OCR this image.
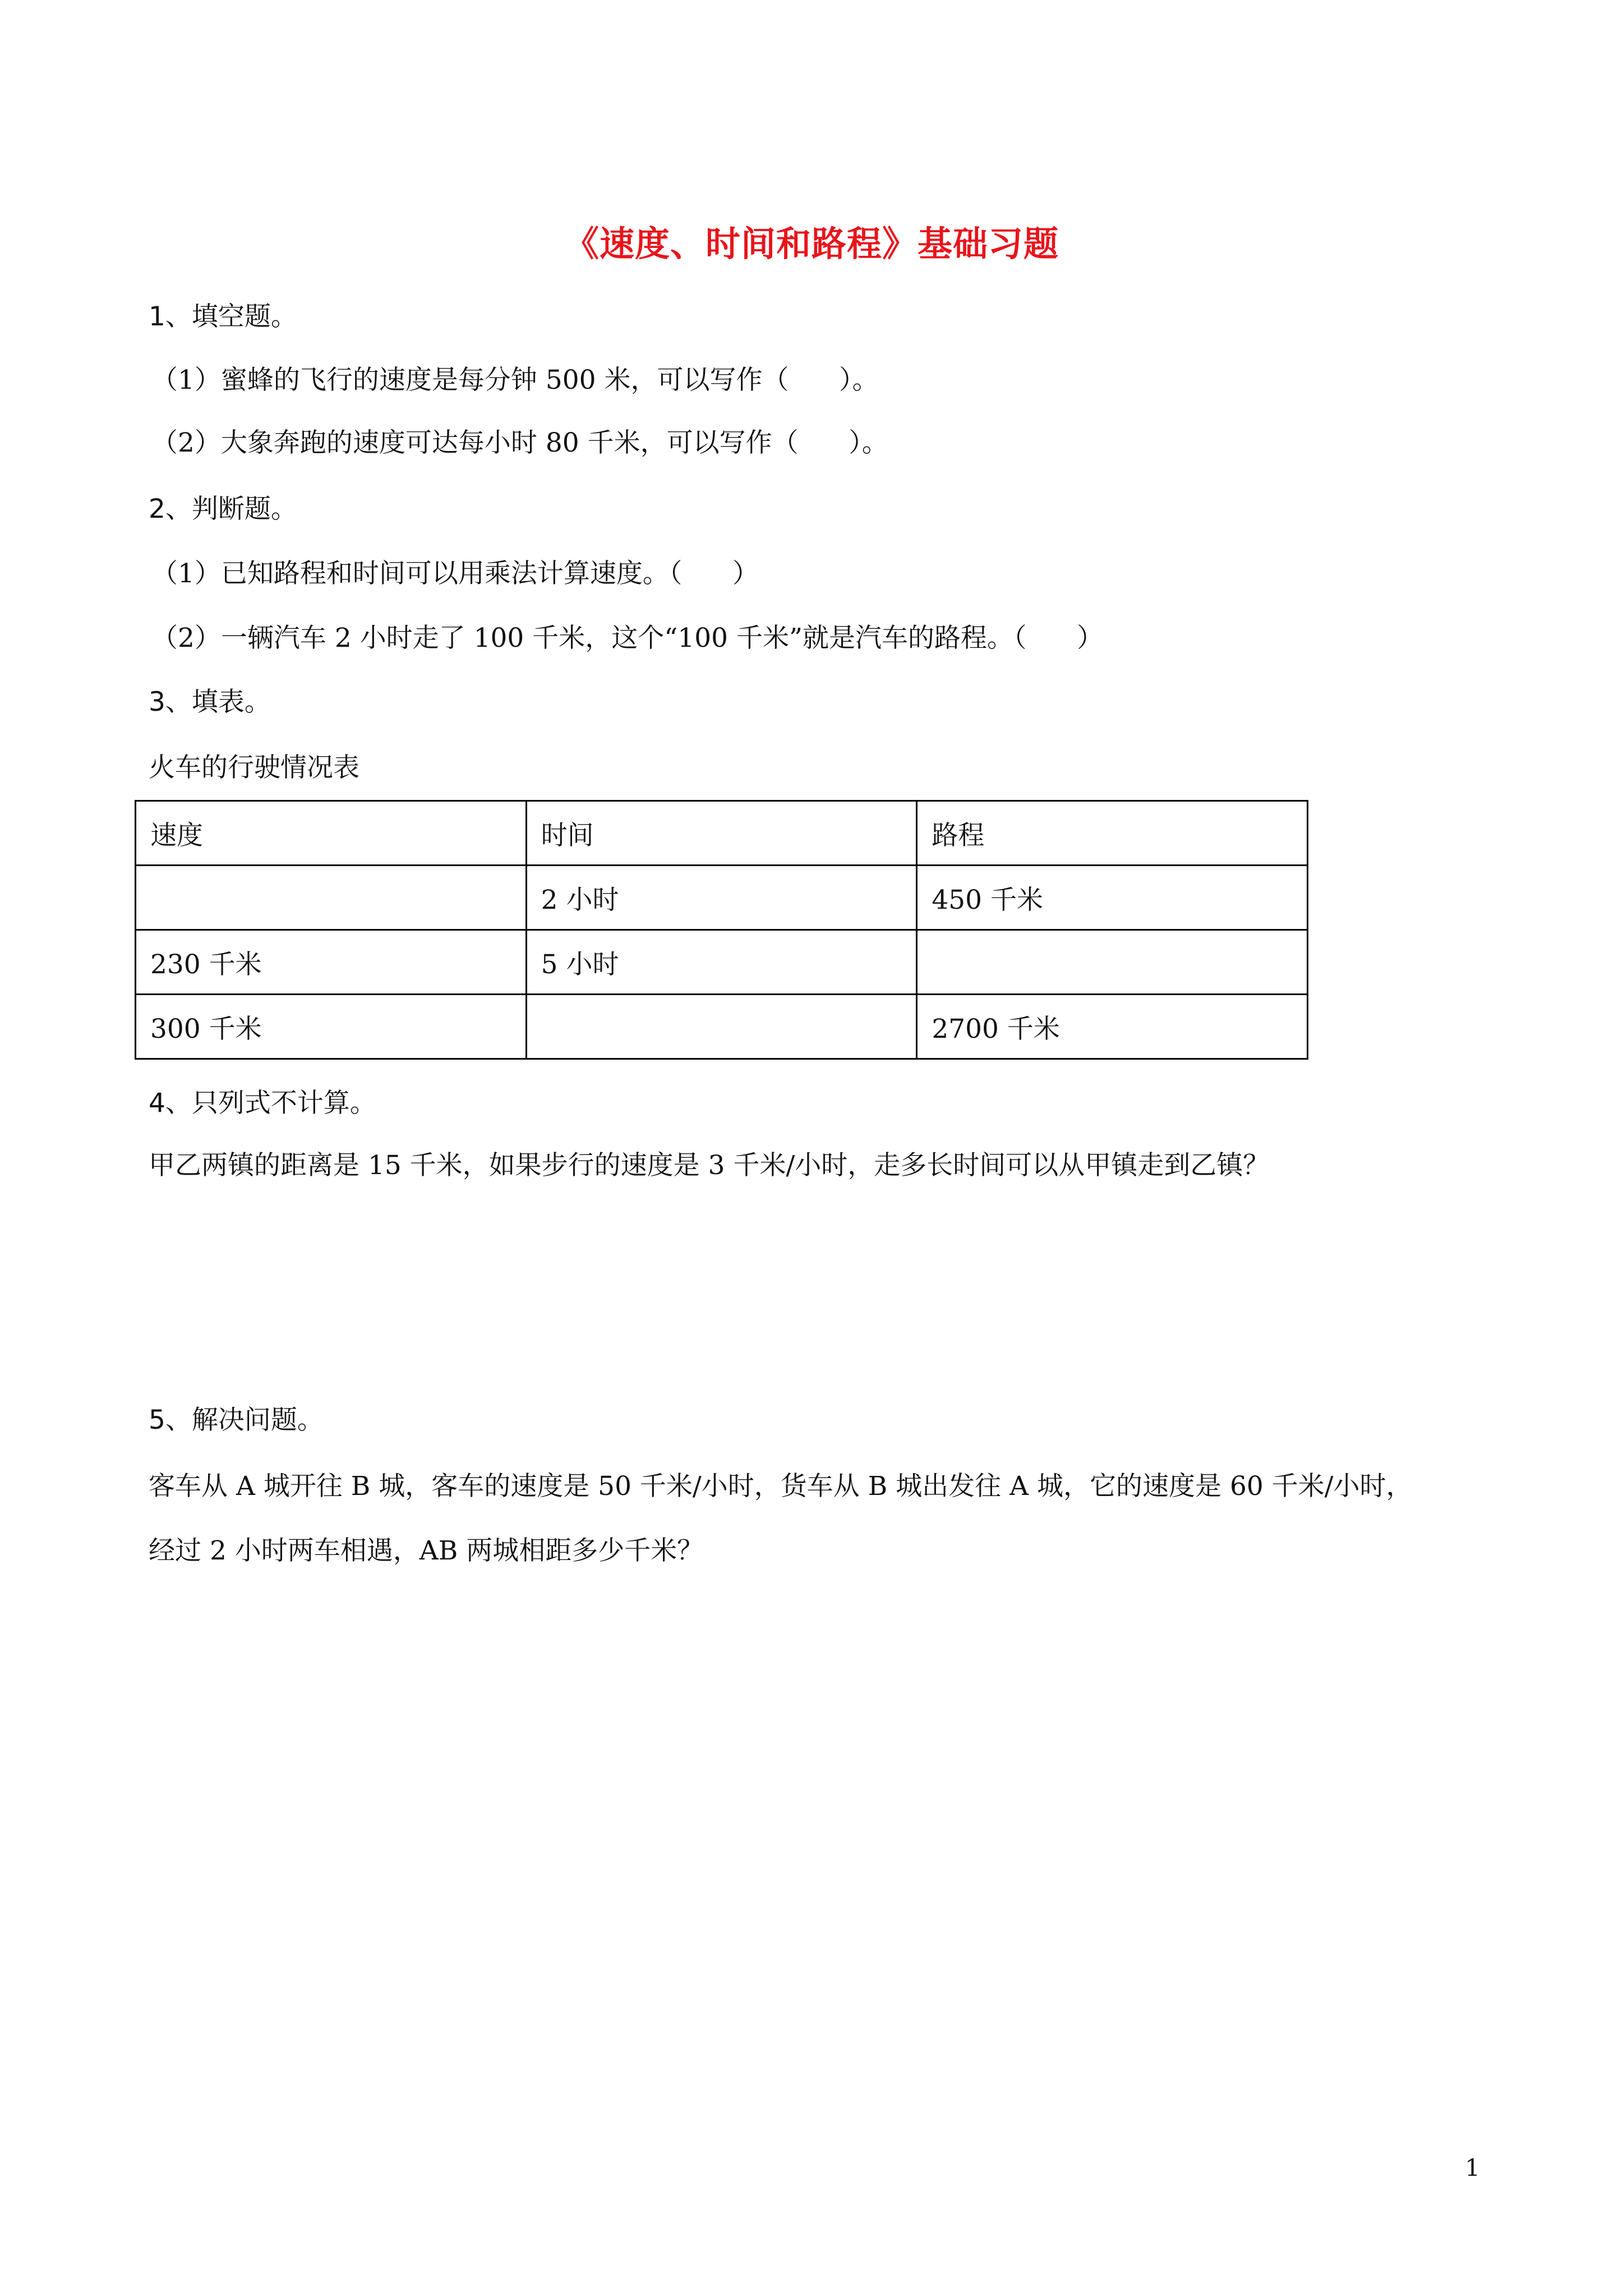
《速度、时间和路程》基础习题
1、填空题。
（1）蜜蜂的飞行的速度是每分钟 500 米，可以写作（      ）。
（2）大象奔跑的速度可达每小时 80 千米，可以写作（      ）。
2、判断题。
（1）已知路程和时间可以用乘法计算速度。（      ）
（2）一辆汽车 2 小时走了 100 千米，这个“100 千米”就是汽车的路程。（      ）
3、填表。
火车的行驶情况表
速度	时间	路程
	2 小时	450 千米
230 千米	5 小时	
300 千米		2700 千米
4、只列式不计算。
甲乙两镇的距离是 15 千米，如果步行的速度是 3 千米/小时，走多长时间可以从甲镇走到乙镇？
5、解决问题。
客车从 A 城开往 B 城，客车的速度是 50 千米/小时，货车从 B 城出发往 A 城，它的速度是 60 千米/小时，
经过 2 小时两车相遇，AB 两城相距多少千米？
1
